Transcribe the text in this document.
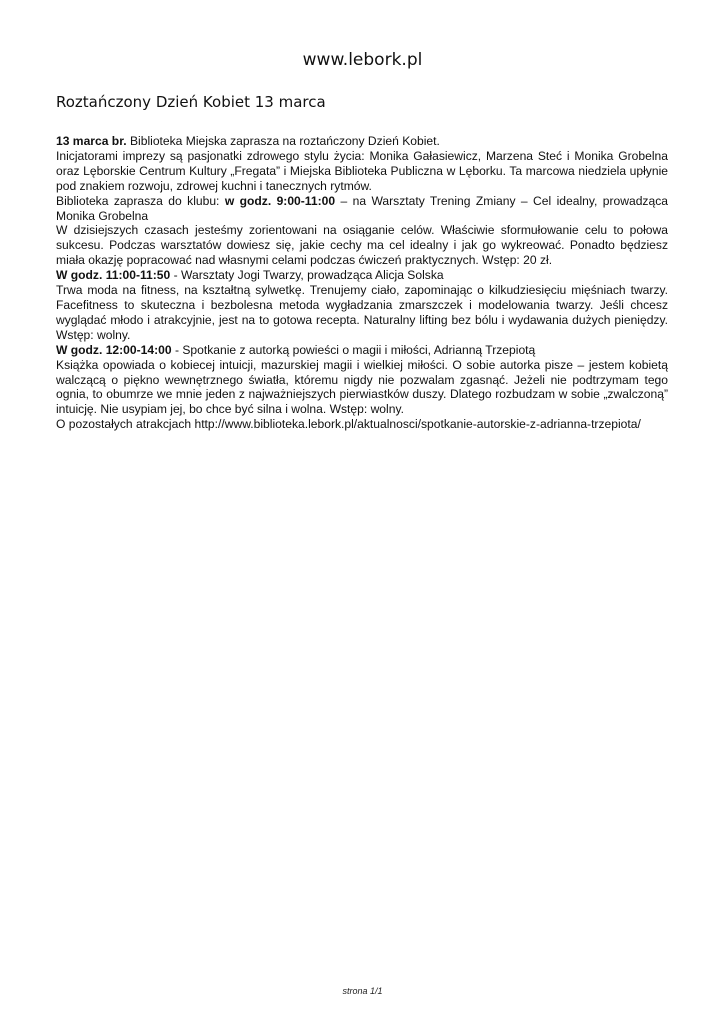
www.lebork.pl
Roztańczony Dzień Kobiet 13 marca

13 marca br. Biblioteka Miejska zaprasza na roztańczony Dzień Kobiet.

Inicjatorami imprezy są pasjonatki zdrowego stylu życia: Monika Gałasiewicz, Marzena Steć i Monika Grobelna oraz Lęborskie Centrum Kultury „Fregata” i Miejska Biblioteka Publiczna w Lęborku. Ta marcowa niedziela upłynie pod znakiem rozwoju, zdrowej kuchni i tanecznych rytmów.

Biblioteka zaprasza do klubu: w godz. 9:00-11:00 – na Warsztaty Trening Zmiany – Cel idealny, prowadząca Monika Grobelna

W dzisiejszych czasach jesteśmy zorientowani na osiąganie celów. Właściwie sformułowanie celu to połowa sukcesu. Podczas warsztatów dowiesz się, jakie cechy ma cel idealny i jak go wykreować. Ponadto będziesz miała okazję popracować nad własnymi celami podczas ćwiczeń praktycznych. Wstęp: 20 zł.

W godz. 11:00-11:50 - Warsztaty Jogi Twarzy, prowadząca Alicja Solska

Trwa moda na fitness, na kształtną sylwetkę. Trenujemy ciało, zapominając o kilkudziesięciu mięśniach twarzy. Facefitness to skuteczna i bezbolesna metoda wygładzania zmarszczek i modelowania twarzy. Jeśli chcesz wyglądać młodo i atrakcyjnie, jest na to gotowa recepta. Naturalny lifting bez bólu i wydawania dużych pieniędzy. Wstęp: wolny.

W godz. 12:00-14:00 - Spotkanie z autorką powieści o magii i miłości, Adrianną Trzepiotą

Książka opowiada o kobiecej intuicji, mazurskiej magii i wielkiej miłości. O sobie autorka pisze – jestem kobietą walczącą o piękno wewnętrznego światła, któremu nigdy nie pozwalam zgasnąć. Jeżeli nie podtrzymam tego ognia, to obumrze we mnie jeden z najważniejszych pierwiastków duszy. Dlatego rozbudzam w sobie „zwalczoną” intuicję. Nie usypiam jej, bo chce być silna i wolna. Wstęp: wolny.

O pozostałych atrakcjach http://www.biblioteka.lebork.pl/aktualnosci/spotkanie-autorskie-z-adrianna-trzepiota/

strona 1/1
